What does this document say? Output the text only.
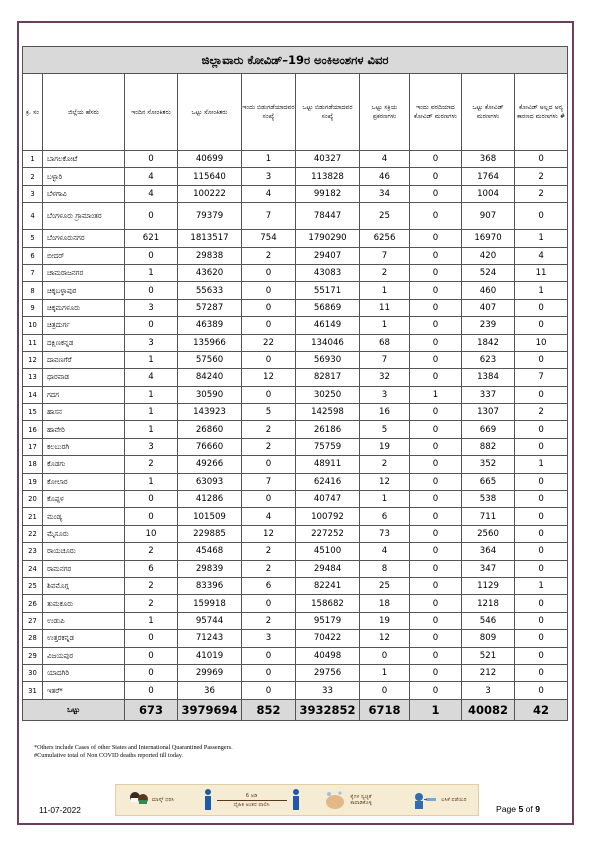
ಜಿಲ್ಲಾವಾರು ಕೋವಿಡ್–19ರ ಅಂಕಿಅಂಶಗಳ ವಿವರ									
ಕ್ರ. ಸಂ	ಜಿಲ್ಲೆಯ ಹೆಸರು	ಇಂದಿನ ಸೋಂಕಿತರು	ಒಟ್ಟು ಸೋಂಕಿತರು	ಇಂದು ಬಿಡುಗಡೆಯಾದವರ ಸಂಖ್ಯೆ	ಒಟ್ಟು ಬಿಡುಗಡೆಯಾದವರ ಸಂಖ್ಯೆ	ಒಟ್ಟು ಸಕ್ರಿಯ ಪ್ರಕರಣಗಳು	ಇಂದು ವರದಿಯಾದ ಕೋವಿಡ್ ಮರಣಗಳು	ಒಟ್ಟು ಕೋವಿಡ್ ಮರಣಗಳು	ಕೋವಿಡ್ ಅಲ್ಲದ ಅನ್ಯ ಕಾರಣದ ಮರಣಗಳು #
1	ಬಾಗಲಕೋಟೆ	0	40699	1	40327	4	0	368	0
2	ಬಳ್ಳಾರಿ	4	115640	3	113828	46	0	1764	2
3	ಬೆಳಗಾವಿ	4	100222	4	99182	34	0	1004	2
4	ಬೆಂಗಳೂರು ಗ್ರಾಮಾಂತರ	0	79379	7	78447	25	0	907	0
5	ಬೆಂಗಳೂರುನಗರ	621	1813517	754	1790290	6256	0	16970	1
6	ಬೀದರ್	0	29838	2	29407	7	0	420	4
7	ಚಾಮರಾಜನಗರ	1	43620	0	43083	2	0	524	11
8	ಚಿಕ್ಕಬಳ್ಳಾಪುರ	0	55633	0	55171	1	0	460	1
9	ಚಿಕ್ಕಮಗಳೂರು	3	57287	0	56869	11	0	407	0
10	ಚಿತ್ರದುರ್ಗ	0	46389	0	46149	1	0	239	0
11	ದಕ್ಷಿಣಕನ್ನಡ	3	135966	22	134046	68	0	1842	10
12	ದಾವಣಗೆರೆ	1	57560	0	56930	7	0	623	0
13	ಧಾರವಾಡ	4	84240	12	82817	32	0	1384	7
14	ಗದಗ	1	30590	0	30250	3	1	337	0
15	ಹಾಸನ	1	143923	5	142598	16	0	1307	2
16	ಹಾವೇರಿ	1	26860	2	26186	5	0	669	0
17	ಕಲಬುರಗಿ	3	76660	2	75759	19	0	882	0
18	ಕೊಡಗು	2	49266	0	48911	2	0	352	1
19	ಕೋಲಾರ	1	63093	7	62416	12	0	665	0
20	ಕೊಪ್ಪಳ	0	41286	0	40747	1	0	538	0
21	ಮಂಡ್ಯ	0	101509	4	100792	6	0	711	0
22	ಮೈಸೂರು	10	229885	12	227252	73	0	2560	0
23	ರಾಯಚೂರು	2	45468	2	45100	4	0	364	0
24	ರಾಮನಗರ	6	29839	2	29484	8	0	347	0
25	ಶಿವಮೊಗ್ಗ	2	83396	6	82241	25	0	1129	1
26	ತುಮಕೂರು	2	159918	0	158682	18	0	1218	0
27	ಉಡುಪಿ	1	95744	2	95179	19	0	546	0
28	ಉತ್ತರಕನ್ನಡ	0	71243	3	70422	12	0	809	0
29	ವಿಜಯಪುರ	0	41019	0	40498	0	0	521	0
30	ಯಾದಗಿರಿ	0	29969	0	29756	1	0	212	0
31	ಇತರೆ*	0	36	0	33	0	0	3	0
ಒಟ್ಟು		673	3979694	852	3932852	6718	1	40082	42
*Others include Cases of other States and International Quarantined Passengers.
#Cumulative total of Non COVID deaths reported till today.
11-07-2022
ಮಾಸ್ಕ್ ಧರಿಸಿ
6 ಅಡಿ
ದೈಹಿಕ ಅಂತರ ಪಾಲಿಸಿ
ಕೈಗಳ ಸ್ವಚ್ಛತೆ ಕಾಪಾಡಿಕೊಳ್ಳಿ	ಲಸಿಕೆ ಪಡೆಯಿರಿ
Page 5 of 9
